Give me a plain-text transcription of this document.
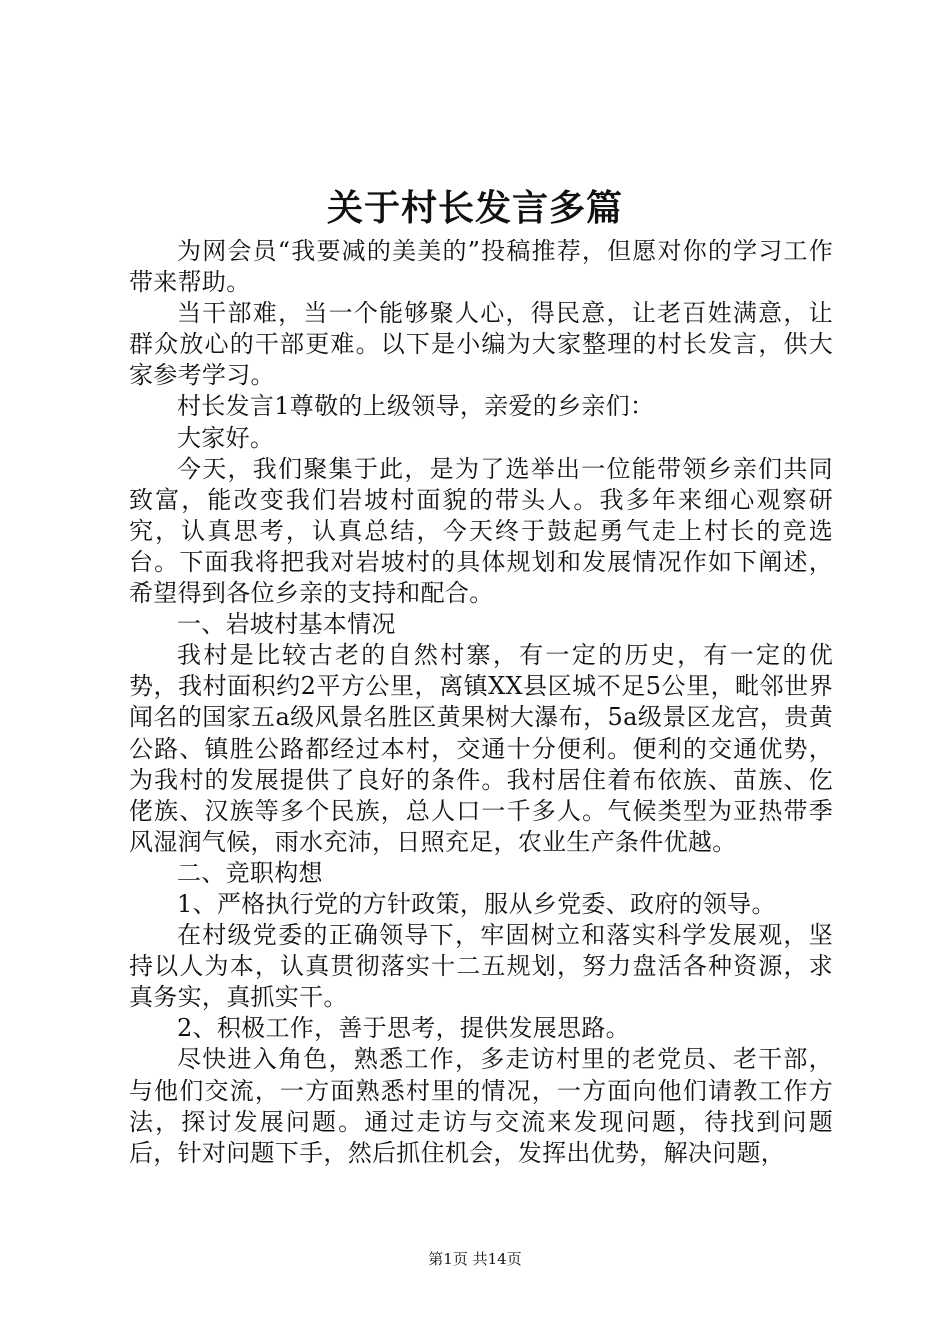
关于村长发言多篇

为网会员“我要减的美美的”投稿推荐，但愿对你的学习工作带来帮助。

当干部难，当一个能够聚人心，得民意，让老百姓满意，让群众放心的干部更难。以下是小编为大家整理的村长发言，供大家参考学习。

村长发言1尊敬的上级领导，亲爱的乡亲们：

大家好。

今天，我们聚集于此，是为了选举出一位能带领乡亲们共同致富，能改变我们岩坡村面貌的带头人。我多年来细心观察研究，认真思考，认真总结，今天终于鼓起勇气走上村长的竞选台。下面我将把我对岩坡村的具体规划和发展情况作如下阐述，希望得到各位乡亲的支持和配合。

一、岩坡村基本情况

我村是比较古老的自然村寨，有一定的历史，有一定的优势，我村面积约2平方公里，离镇XX县区城不足5公里，毗邻世界闻名的国家五a级风景名胜区黄果树大瀑布，5a级景区龙宫，贵黄公路、镇胜公路都经过本村，交通十分便利。便利的交通优势，为我村的发展提供了良好的条件。我村居住着布依族、苗族、仡佬族、汉族等多个民族，总人口一千多人。气候类型为亚热带季风湿润气候，雨水充沛，日照充足，农业生产条件优越。

二、竞职构想

1、严格执行党的方针政策，服从乡党委、政府的领导。

在村级党委的正确领导下，牢固树立和落实科学发展观，坚持以人为本，认真贯彻落实十二五规划，努力盘活各种资源，求真务实，真抓实干。

2、积极工作，善于思考，提供发展思路。

尽快进入角色，熟悉工作，多走访村里的老党员、老干部，与他们交流，一方面熟悉村里的情况，一方面向他们请教工作方法，探讨发展问题。通过走访与交流来发现问题，待找到问题后，针对问题下手，然后抓住机会，发挥出优势，解决问题，

第1页 共14页
